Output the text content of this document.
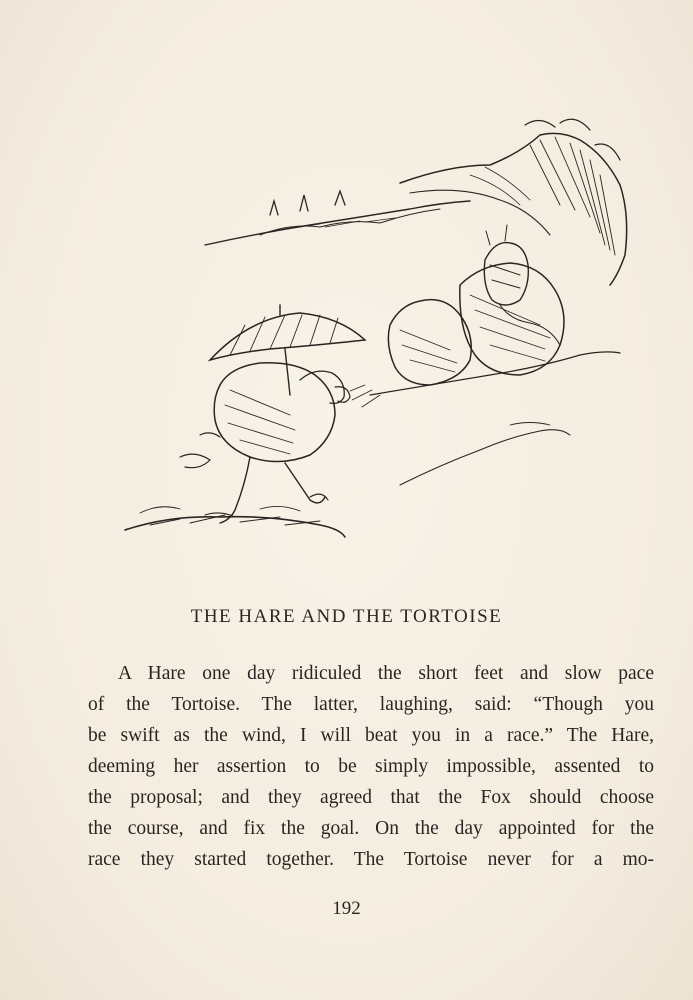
THE HARE AND THE TORTOISE
A Hare one day ridiculed the short feet and slow pace
of the Tortoise. The latter, laughing, said: “Though you
be swift as the wind, I will beat you in a race.” The Hare,
deeming her assertion to be simply impossible, assented to
the proposal; and they agreed that the Fox should choose
the course, and fix the goal. On the day appointed for the
race they started together. The Tortoise never for a mo-
192
